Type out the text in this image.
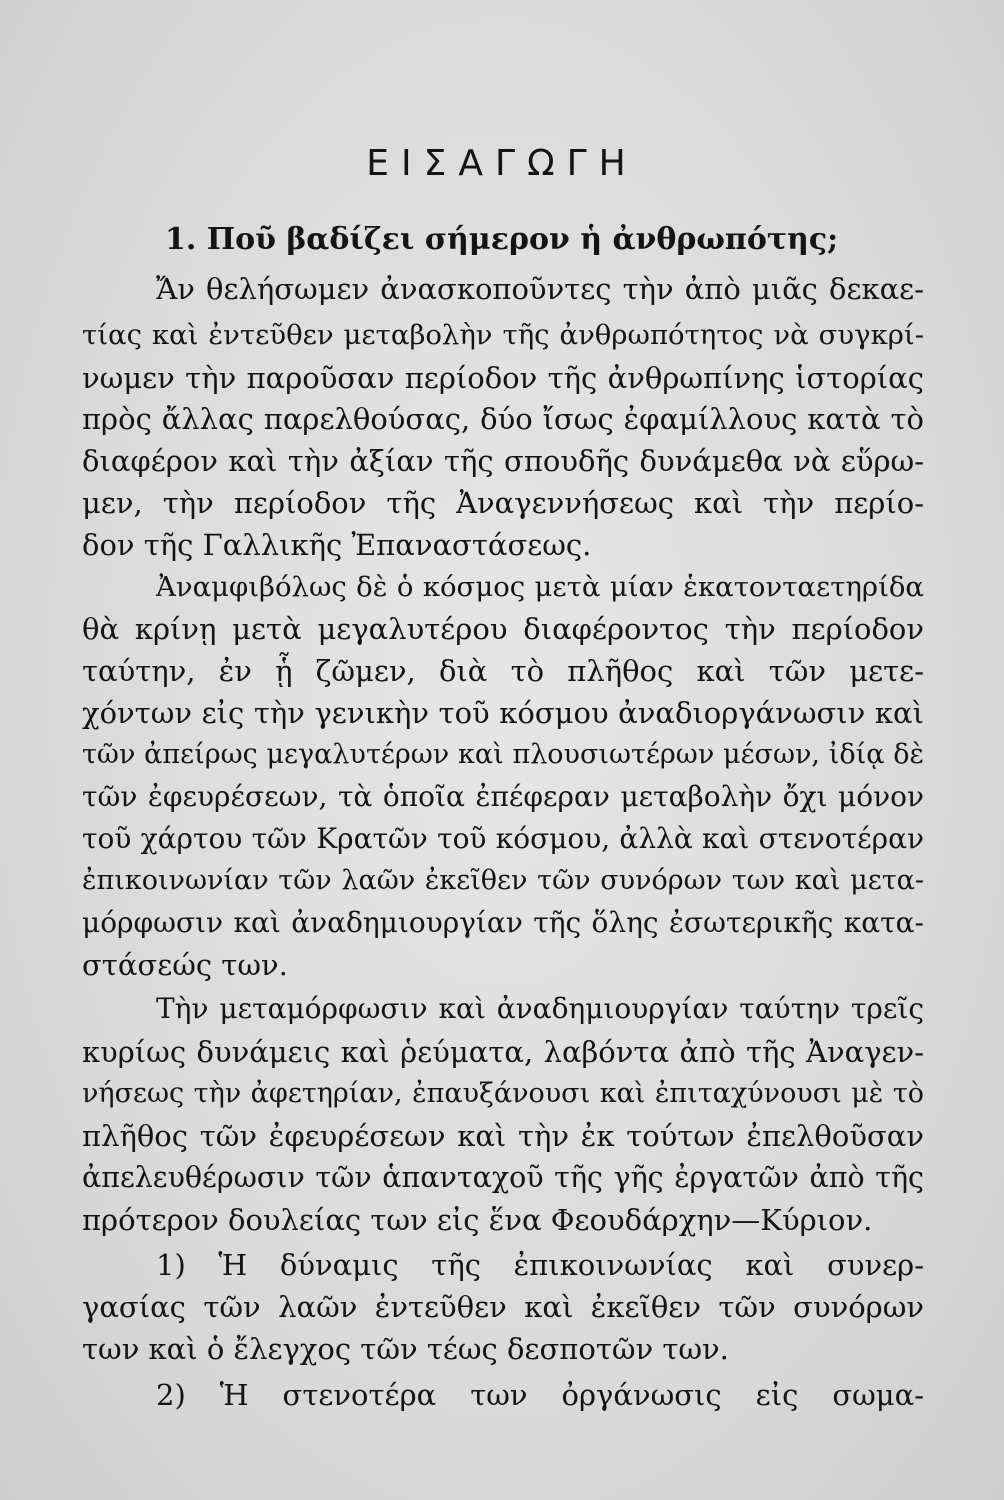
ΕΙΣΑΓΩΓΗ
1. Ποῦ βαδίζει σήμερον ἡ ἀνθρωπότης;
Ἄν θελήσωμεν ἀνασκοποῦντες τὴν ἀπὸ μιᾶς δεκαε-
τίας καὶ ἐντεῦθεν μεταβολὴν τῆς ἀνθρωπότητος νὰ συγκρί-
νωμεν τὴν παροῦσαν περίοδον τῆς ἀνθρωπίνης ἱστορίας
πρὸς ἄλλας παρελθούσας, δύο ἴσως ἐφαμίλλους κατὰ τὸ
διαφέρον καὶ τὴν ἀξίαν τῆς σπουδῆς δυνάμεθα νὰ εὕρω-
μεν, τὴν περίοδον τῆς Ἀναγεννήσεως καὶ τὴν περίο-
δον τῆς Γαλλικῆς Ἐπαναστάσεως.
Ἀναμφιβόλως δὲ ὁ κόσμος μετὰ μίαν ἑκατονταετηρίδα
θὰ κρίνῃ μετὰ μεγαλυτέρου διαφέροντος τὴν περίοδον
ταύτην, ἐν ᾗ ζῶμεν, διὰ τὸ πλῆθος καὶ τῶν μετε-
χόντων εἰς τὴν γενικὴν τοῦ κόσμου ἀναδιοργάνωσιν καὶ
τῶν ἀπείρως μεγαλυτέρων καὶ πλουσιωτέρων μέσων, ἰδίᾳ δὲ
τῶν ἐφευρέσεων, τὰ ὁποῖα ἐπέφεραν μεταβολὴν ὄχι μόνον
τοῦ χάρτου τῶν Κρατῶν τοῦ κόσμου, ἀλλὰ καὶ στενοτέραν
ἐπικοινωνίαν τῶν λαῶν ἐκεῖθεν τῶν συνόρων των καὶ μετα-
μόρφωσιν καὶ ἀναδημιουργίαν τῆς ὅλης ἐσωτερικῆς κατα-
στάσεώς των.
Τὴν μεταμόρφωσιν καὶ ἀναδημιουργίαν ταύτην τρεῖς
κυρίως δυνάμεις καὶ ῥεύματα, λαβόντα ἀπὸ τῆς Ἀναγεν-
νήσεως τὴν ἀφετηρίαν, ἐπαυξάνουσι καὶ ἐπιταχύνουσι μὲ τὸ
πλῆθος τῶν ἐφευρέσεων καὶ τὴν ἐκ τούτων ἐπελθοῦσαν
ἀπελευθέρωσιν τῶν ἁπανταχοῦ τῆς γῆς ἐργατῶν ἀπὸ τῆς
πρότερον δουλείας των εἰς ἕνα Φεουδάρχην—Κύριον.
1) Ἡ δύναμις τῆς ἐπικοινωνίας καὶ συνερ-
γασίας τῶν λαῶν ἐντεῦθεν καὶ ἐκεῖθεν τῶν συνόρων
των καὶ ὁ ἔλεγχος τῶν τέως δεσποτῶν των.
2) Ἡ στενοτέρα των ὀργάνωσις εἰς σωμα-
